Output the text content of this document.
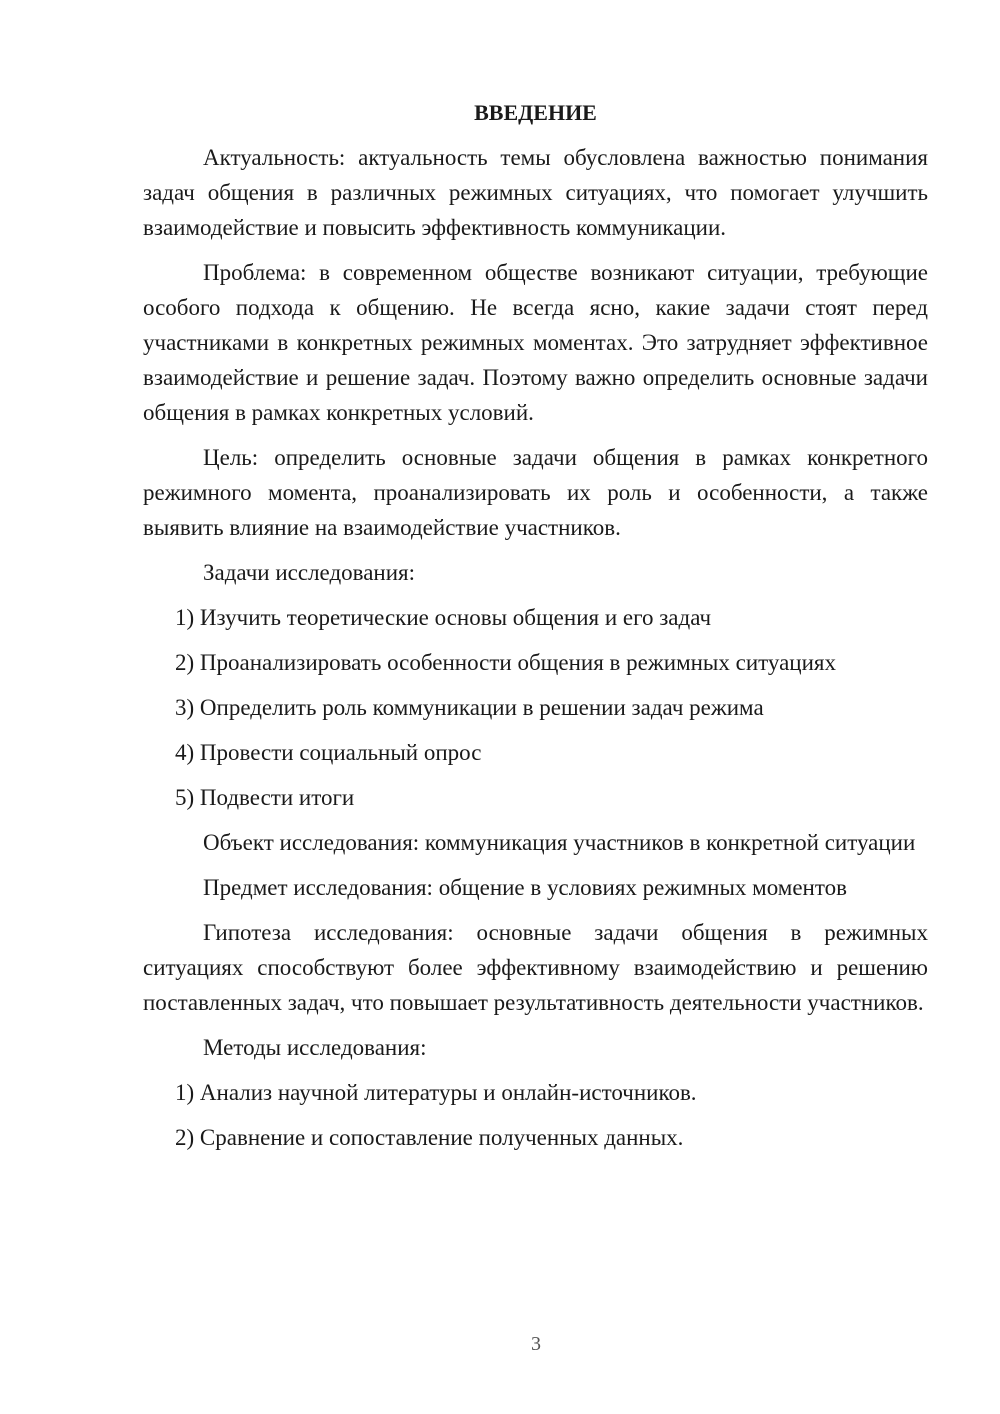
ВВЕДЕНИЕ

Актуальность: актуальность темы обусловлена важностью понимания задач общения в различных режимных ситуациях, что помогает улучшить взаимодействие и повысить эффективность коммуникации.

Проблема: в современном обществе возникают ситуации, требующие особого подхода к общению. Не всегда ясно, какие задачи стоят перед участниками в конкретных режимных моментах. Это затрудняет эффективное взаимодействие и решение задач. Поэтому важно определить основные задачи общения в рамках конкретных условий.

Цель: определить основные задачи общения в рамках конкретного режимного момента, проанализировать их роль и особенности, а также выявить влияние на взаимодействие участников.

Задачи исследования:

1) Изучить теоретические основы общения и его задач
2) Проанализировать особенности общения в режимных ситуациях
3) Определить роль коммуникации в решении задач режима
4) Провести социальный опрос
5) Подвести итоги

Объект исследования: коммуникация участников в конкретной ситуации

Предмет исследования: общение в условиях режимных моментов

Гипотеза исследования: основные задачи общения в режимных ситуациях способствуют более эффективному взаимодействию и решению поставленных задач, что повышает результативность деятельности участников.

Методы исследования:

1) Анализ научной литературы и онлайн-источников.
2) Сравнение и сопоставление полученных данных.
3
